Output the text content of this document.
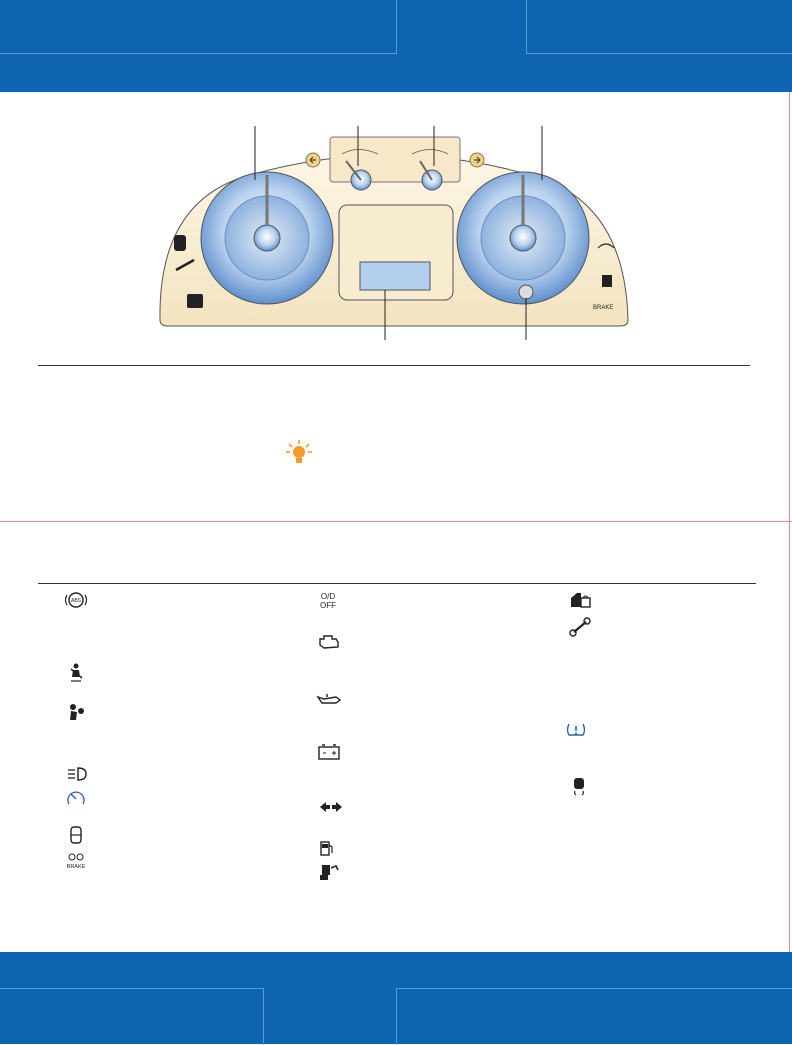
BRAKE
ABS
BRAKE
O/D
OFF
